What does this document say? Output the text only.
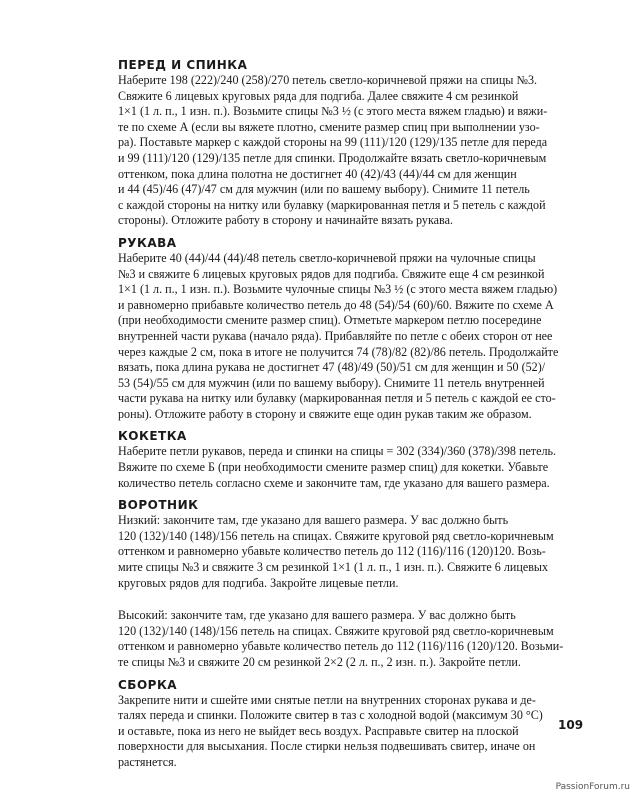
ПЕРЕД И СПИНКА

Наберите 198 (222)/240 (258)/270 петель светло-коричневой пряжи на спицы №3.
Свяжите 6 лицевых круговых ряда для подгиба. Далее свяжите 4 см резинкой
1×1 (1 л. п., 1 изн. п.). Возьмите спицы №3 ½ (с этого места вяжем гладью) и вяжи-
те по схеме А (если вы вяжете плотно, смените размер спиц при выполнении узо-
ра). Поставьте маркер с каждой стороны на 99 (111)/120 (129)/135 петле для переда
и 99 (111)/120 (129)/135 петле для спинки. Продолжайте вязать светло-коричневым
оттенком, пока длина полотна не достигнет 40 (42)/43 (44)/44 см для женщин
и 44 (45)/46 (47)/47 см для мужчин (или по вашему выбору). Снимите 11 петель
с каждой стороны на нитку или булавку (маркированная петля и 5 петель с каждой
стороны). Отложите работу в сторону и начинайте вязать рукава.

РУКАВА

Наберите 40 (44)/44 (44)/48 петель светло-коричневой пряжи на чулочные спицы
№3 и свяжите 6 лицевых круговых рядов для подгиба. Свяжите еще 4 см резинкой
1×1 (1 л. п., 1 изн. п.). Возьмите чулочные спицы №3 ½ (с этого места вяжем гладью)
и равномерно прибавьте количество петель до 48 (54)/54 (60)/60. Вяжите по схеме А
(при необходимости смените размер спиц). Отметьте маркером петлю посередине
внутренней части рукава (начало ряда). Прибавляйте по петле с обеих сторон от нее
через каждые 2 см, пока в итоге не получится 74 (78)/82 (82)/86 петель. Продолжайте
вязать, пока длина рукава не достигнет 47 (48)/49 (50)/51 см для женщин и 50 (52)/
53 (54)/55 см для мужчин (или по вашему выбору). Снимите 11 петель внутренней
части рукава на нитку или булавку (маркированная петля и 5 петель с каждой ее сто-
роны). Отложите работу в сторону и свяжите еще один рукав таким же образом.

КОКЕТКА

Наберите петли рукавов, переда и спинки на спицы = 302 (334)/360 (378)/398 петель.
Вяжите по схеме Б (при необходимости смените размер спиц) для кокетки. Убавьте
количество петель согласно схеме и закончите там, где указано для вашего размера.

ВОРОТНИК

Низкий: закончите там, где указано для вашего размера. У вас должно быть
120 (132)/140 (148)/156 петель на спицах. Свяжите круговой ряд светло-коричневым
оттенком и равномерно убавьте количество петель до 112 (116)/116 (120)120. Возь-
мите спицы №3 и свяжите 3 см резинкой 1×1 (1 л. п., 1 изн. п.). Свяжите 6 лицевых
круговых рядов для подгиба. Закройте лицевые петли.

Высокий: закончите там, где указано для вашего размера. У вас должно быть
120 (132)/140 (148)/156 петель на спицах. Свяжите круговой ряд светло-коричневым
оттенком и равномерно убавьте количество петель до 112 (116)/116 (120)/120. Возьми-
те спицы №3 и свяжите 20 см резинкой 2×2 (2 л. п., 2 изн. п.). Закройте петли.

СБОРКА

Закрепите нити и сшейте ими снятые петли на внутренних сторонах рукава и де-
талях переда и спинки. Положите свитер в таз с холодной водой (максимум 30 °C)
и оставьте, пока из него не выйдет весь воздух. Расправьте свитер на плоской
поверхности для высыхания. После стирки нельзя подвешивать свитер, иначе он
растянется.

109
PassionForum.ru
